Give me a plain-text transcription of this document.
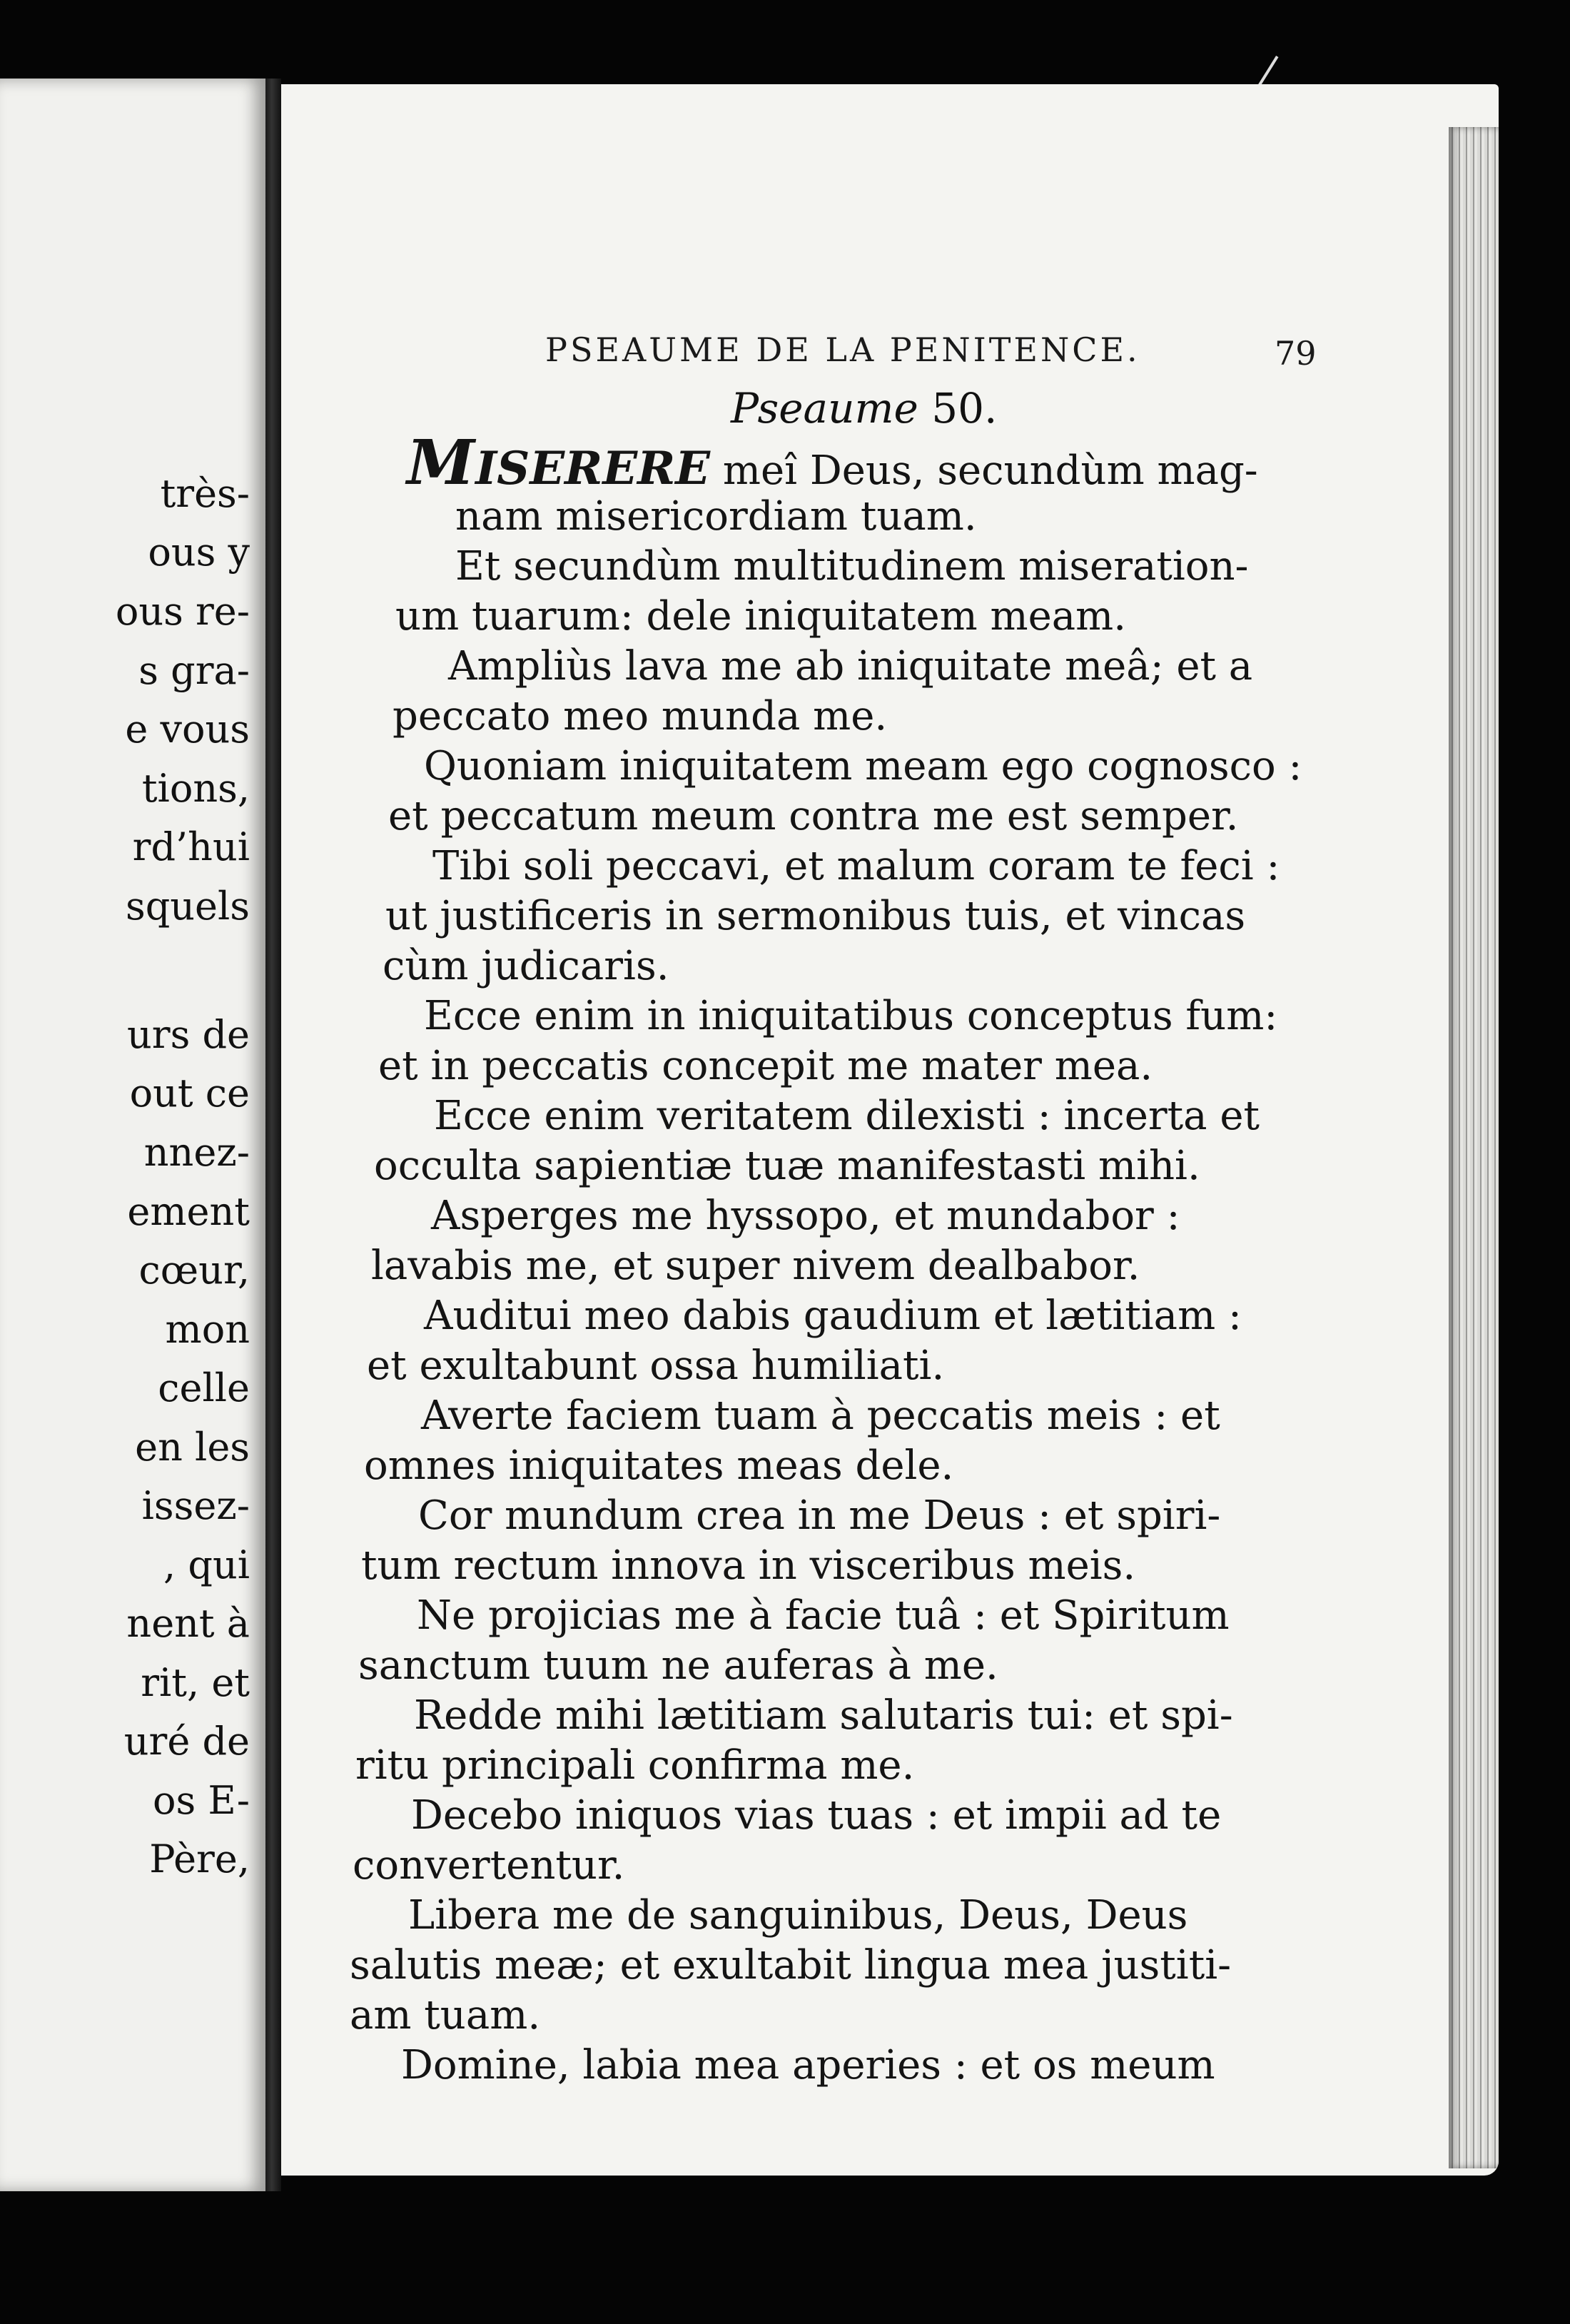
très-

ous y

ous re-

s gra-

e vous

tions,

rd’hui

squels

urs de

out ce

nnez-

ement

cœur,

mon

celle

en les

issez-

, qui

nent à

rit, et

uré de

os E-

Père,

PSEAUME DE LA PENITENCE.	79

Pseaume 50.

MISERERE meî Deus, secundùm mag-

nam misericordiam tuam.

Et secundùm multitudinem miseration-

um tuarum: dele iniquitatem meam.

Ampliùs lava me ab iniquitate meâ; et a

peccato meo munda me.

Quoniam iniquitatem meam ego cognosco :

et peccatum meum contra me est semper.

Tibi soli peccavi, et malum coram te feci :

ut justificeris in sermonibus tuis, et vincas

cùm judicaris.

Ecce enim in iniquitatibus conceptus fum:

et in peccatis concepit me mater mea.

Ecce enim veritatem dilexisti : incerta et

occulta sapientiæ tuæ manifestasti mihi.

Asperges me hyssopo, et mundabor :

lavabis me, et super nivem dealbabor.

Auditui meo dabis gaudium et lætitiam :

et exultabunt ossa humiliati.

Averte faciem tuam à peccatis meis : et

omnes iniquitates meas dele.

Cor mundum crea in me Deus : et spiri-

tum rectum innova in visceribus meis.

Ne projicias me à facie tuâ : et Spiritum

sanctum tuum ne auferas à me.

Redde mihi lætitiam salutaris tui: et spi-

ritu principali confirma me.

Decebo iniquos vias tuas : et impii ad te

convertentur.

Libera me de sanguinibus, Deus, Deus

salutis meæ; et exultabit lingua mea justiti-

am tuam.

Domine, labia mea aperies : et os meum
